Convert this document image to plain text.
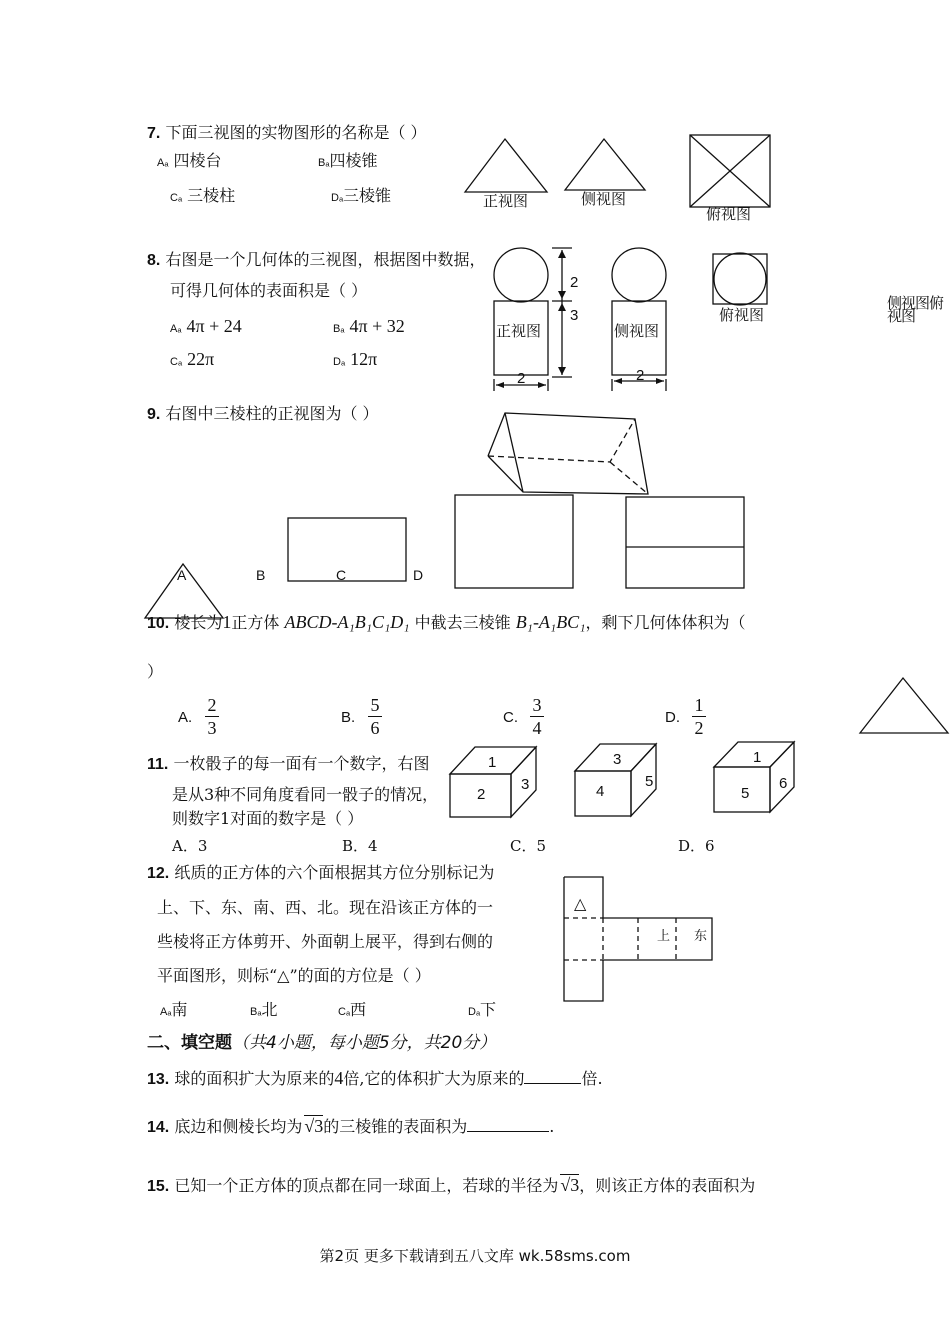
7. 下面三视图的实物图形的名称是（ ）
Aₐ 四棱台	Bₐ四棱锥
Cₐ 三棱柱	Dₐ三棱锥	正视图	侧视图
俯视图
8. 右图是一个几何体的三视图，根据图中数据，
可得几何体的表面积是（ ）
Aₐ 4π + 24	Bₐ 4π + 32
Cₐ 22π	Dₐ 12π
正视图	侧视图
俯视图
2
3
2	2
侧视图俯视图
9. 右图中三棱柱的正视图为（ ）
A	B	C	D
10. 棱长为1正方体 ABCD-A₁B₁C₁D₁ 中截去三棱锥 B₁-A₁BC₁，剩下几何体体积为（
）
A.
2
3
B.
5
6
C.
3
4
D.
1
2
11. 一枚骰子的每一面有一个数字，右图
是从3种不同角度看同一骰子的情况，
则数字1对面的数字是（ ）
A．3	B．4	C．5	D．6
1
2
3
3
4
5
1
5
6
12. 纸质的正方体的六个面根据其方位分别标记为
上、下、东、南、西、北。现在沿该正方体的一
些棱将正方体剪开、外面朝上展平，得到右侧的
平面图形，则标“△”的面的方位是（ ）
Aₐ南	Bₐ北	Cₐ西	Dₐ下
△
上 东
二、填空题（共4小题，每小题5分，共20分）
13. 球的面积扩大为原来的4倍,它的体积扩大为原来的	倍.
14. 底边和侧棱长均为 √3的三棱锥的表面积为	.
15. 已知一个正方体的顶点都在同一球面上，若球的半径为 √3，则该正方体的表面积为
第2页 更多下载请到五八文库 wk.58sms.com
